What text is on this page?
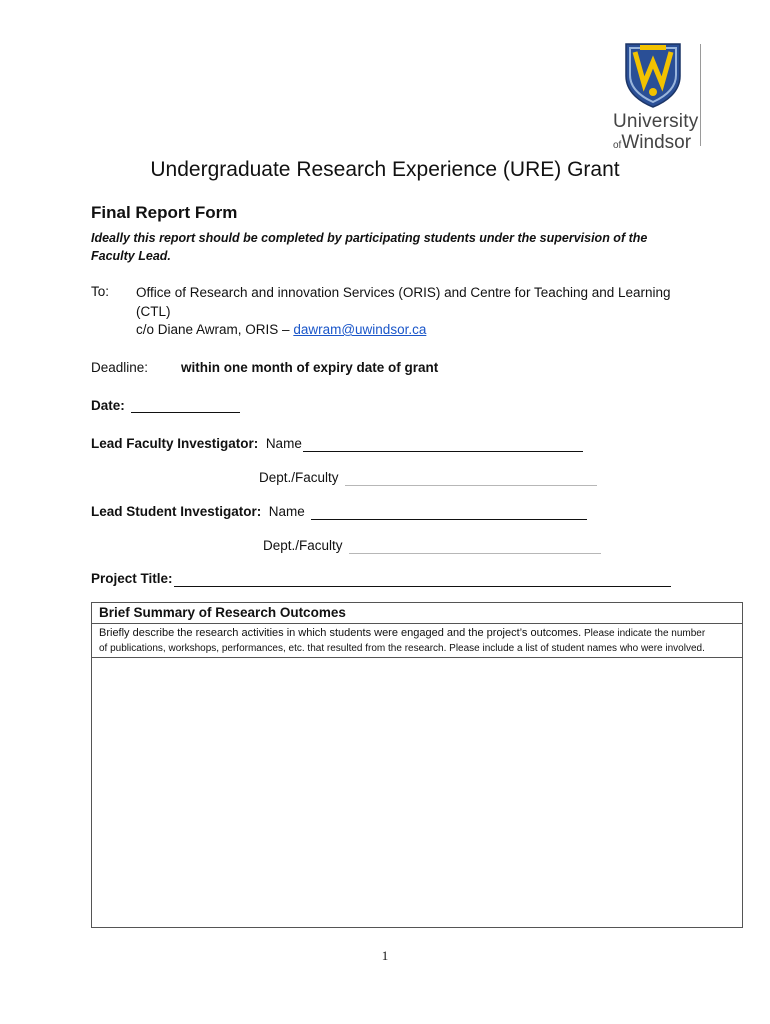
University
ofWindsor
Undergraduate Research Experience (URE) Grant
Final Report Form
Ideally this report should be completed by participating students under the supervision of the Faculty Lead.
To: Office of Research and innovation Services (ORIS) and Centre for Teaching and Learning (CTL)
c/o Diane Awram, ORIS – dawram@uwindsor.ca
Deadline: within one month of expiry date of grant
Date:
Lead Faculty Investigator: Name
Dept./Faculty
Lead Student Investigator: Name
Dept./Faculty
Project Title:
Brief Summary of Research Outcomes
Briefly describe the research activities in which students were engaged and the project’s outcomes. Please indicate the number
of publications, workshops, performances, etc. that resulted from the research. Please include a list of student names who were involved.
1
